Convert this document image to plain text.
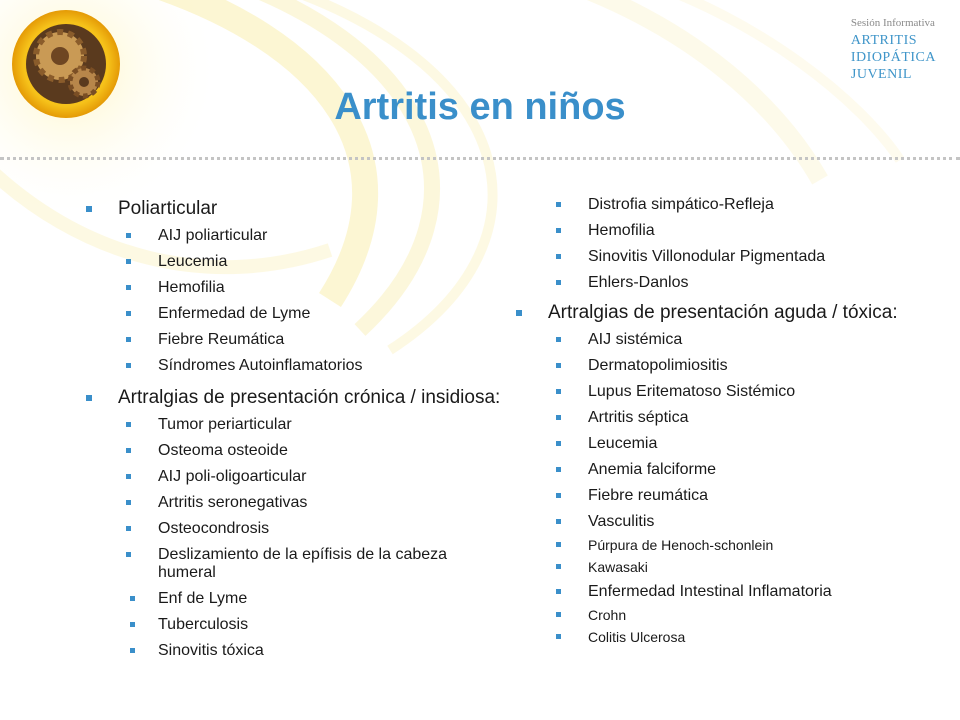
Sesión Informativa
ARTRITIS
IDIOPÁTICA
JUVENIL
Artritis en niños
Poliarticular
AIJ poliarticular
Leucemia
Hemofilia
Enfermedad de Lyme
Fiebre Reumática
Síndromes Autoinflamatorios
Artralgias de presentación crónica / insidiosa:
Tumor periarticular
Osteoma osteoide
AIJ poli-oligoarticular
Artritis seronegativas
Osteocondrosis
Deslizamiento de la epífisis de la cabeza humeral
Enf de Lyme
Tuberculosis
Sinovitis tóxica
Distrofia simpático-Refleja
Hemofilia
Sinovitis Villonodular Pigmentada
Ehlers-Danlos
Artralgias de presentación aguda / tóxica:
AIJ sistémica
Dermatopolimiositis
Lupus Eritematoso Sistémico
Artritis séptica
Leucemia
Anemia falciforme
Fiebre reumática
Vasculitis
Púrpura de Henoch-schonlein
Kawasaki
Enfermedad Intestinal Inflamatoria
Crohn
Colitis Ulcerosa
